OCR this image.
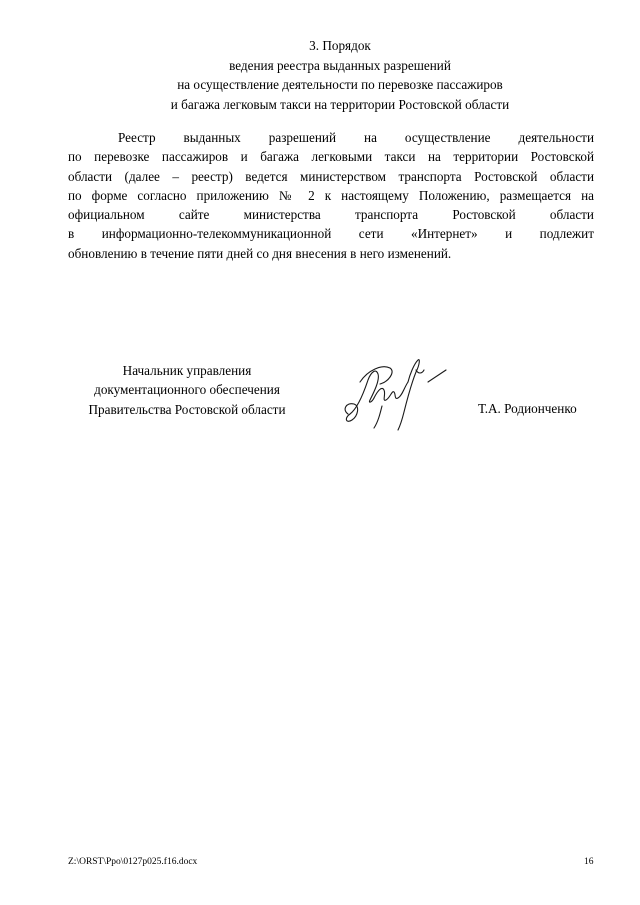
3. Порядок
ведения реестра выданных разрешений
на осуществление деятельности по перевозке пассажиров
и багажа легковым такси на территории Ростовской области
Реестр выданных разрешений на осуществление деятельности
по перевозке пассажиров и багажа легковыми такси на территории Ростовской
области (далее – реестр) ведется министерством транспорта Ростовской области
по форме согласно приложению № 2 к настоящему Положению, размещается на
официальном сайте министерства транспорта Ростовской области
в информационно-телекоммуникационной сети «Интернет» и подлежит
обновлению в течение пяти дней со дня внесения в него изменений.
Начальник управления
документационного обеспечения
Правительства Ростовской области	Т.А. Родионченко
Z:\ORST\Ppo\0127p025.f16.docx	16
